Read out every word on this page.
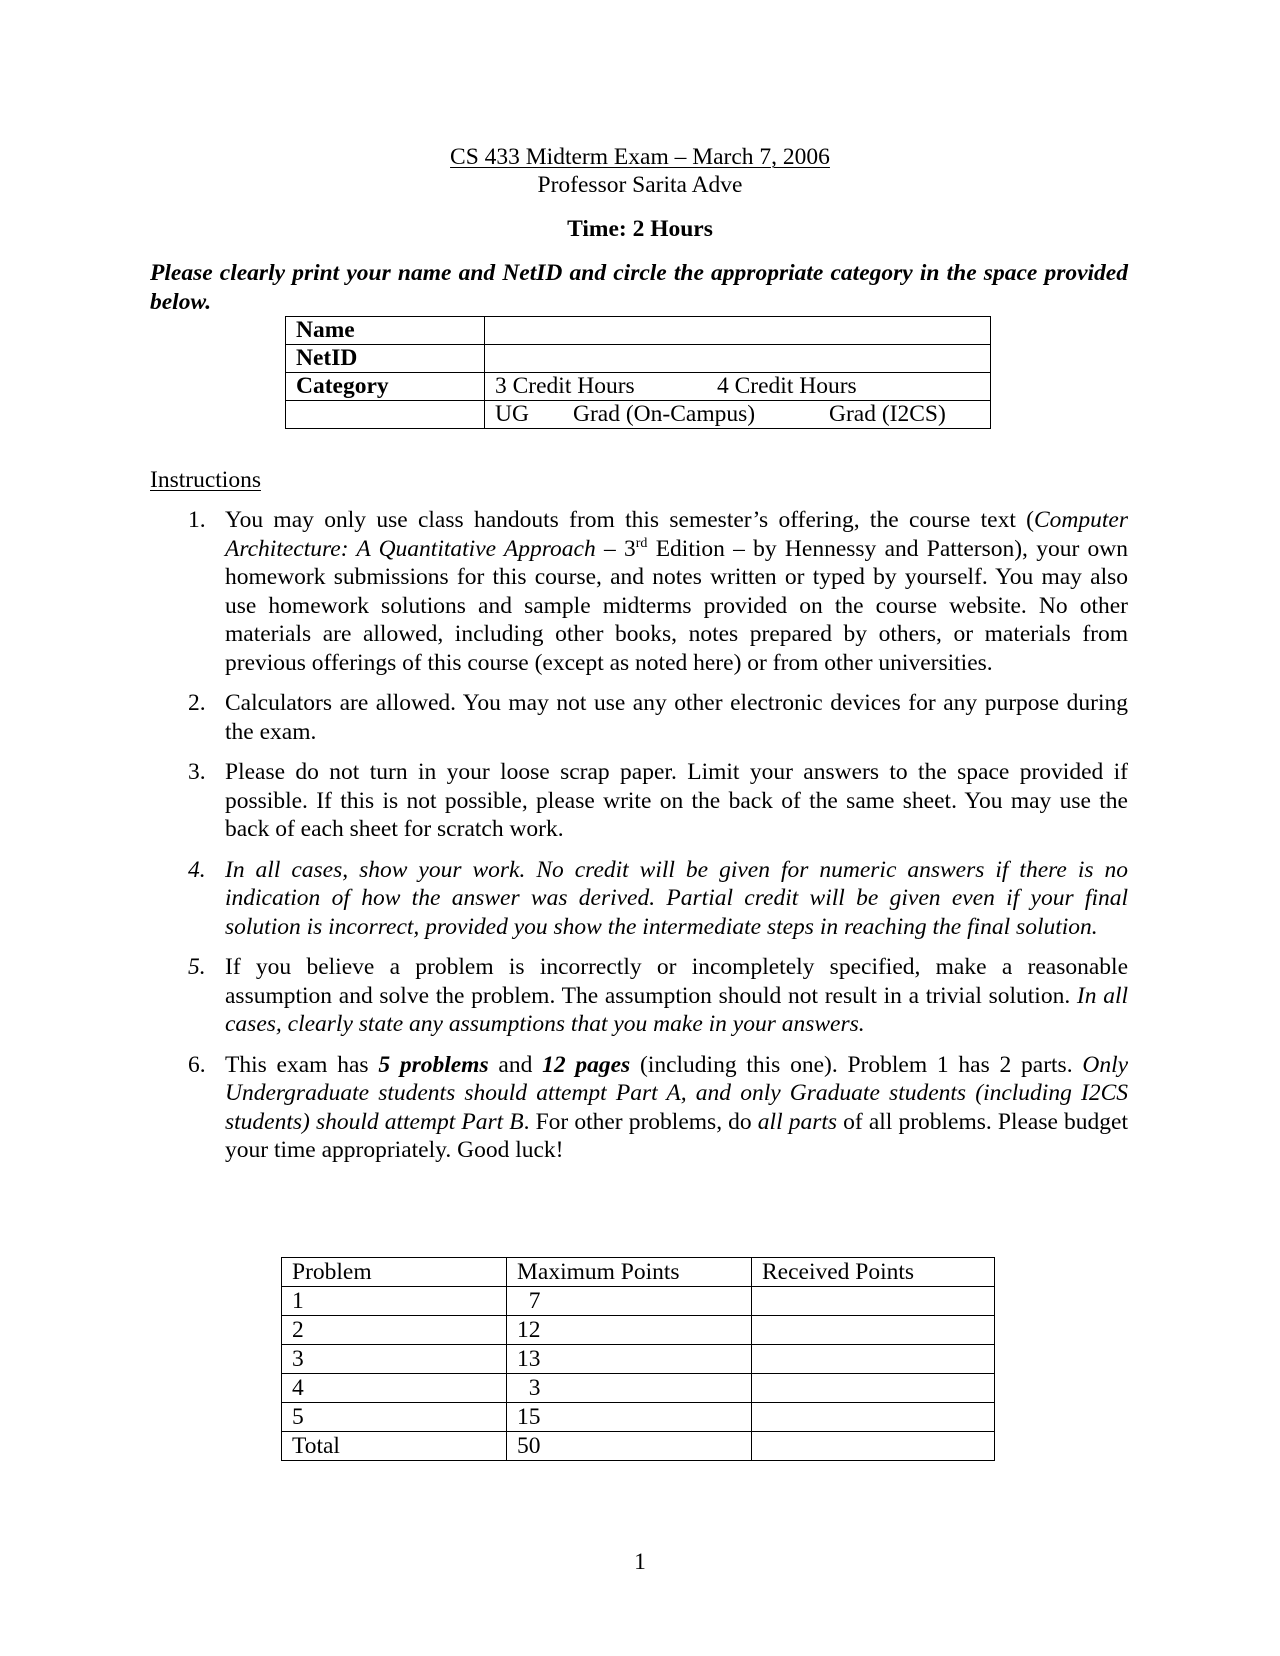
CS 433 Midterm Exam – March 7, 2006
Professor Sarita Adve
Time: 2 Hours
Please clearly print your name and NetID and circle the appropriate category in the space provided below.
Name	
NetID	
Category	3 Credit Hours 4 Credit Hours
	UG Grad (On-Campus) Grad (I2CS)
Instructions
1. You may only use class handouts from this semester’s offering, the course text (Computer Architecture: A Quantitative Approach – 3rd Edition – by Hennessy and Patterson), your own homework submissions for this course, and notes written or typed by yourself. You may also use homework solutions and sample midterms provided on the course website. No other materials are allowed, including other books, notes prepared by others, or materials from previous offerings of this course (except as noted here) or from other universities.
2. Calculators are allowed. You may not use any other electronic devices for any purpose during the exam.
3. Please do not turn in your loose scrap paper. Limit your answers to the space provided if possible. If this is not possible, please write on the back of the same sheet. You may use the back of each sheet for scratch work.
4. In all cases, show your work. No credit will be given for numeric answers if there is no indication of how the answer was derived. Partial credit will be given even if your final solution is incorrect, provided you show the intermediate steps in reaching the final solution.
5. If you believe a problem is incorrectly or incompletely specified, make a reasonable assumption and solve the problem. The assumption should not result in a trivial solution. In all cases, clearly state any assumptions that you make in your answers.
6. This exam has 5 problems and 12 pages (including this one). Problem 1 has 2 parts. Only Undergraduate students should attempt Part A, and only Graduate students (including I2CS students) should attempt Part B. For other problems, do all parts of all problems. Please budget your time appropriately. Good luck!
Problem	Maximum Points	Received Points
1	7	
2	12	
3	13	
4	3	
5	15	
Total	50	
1
